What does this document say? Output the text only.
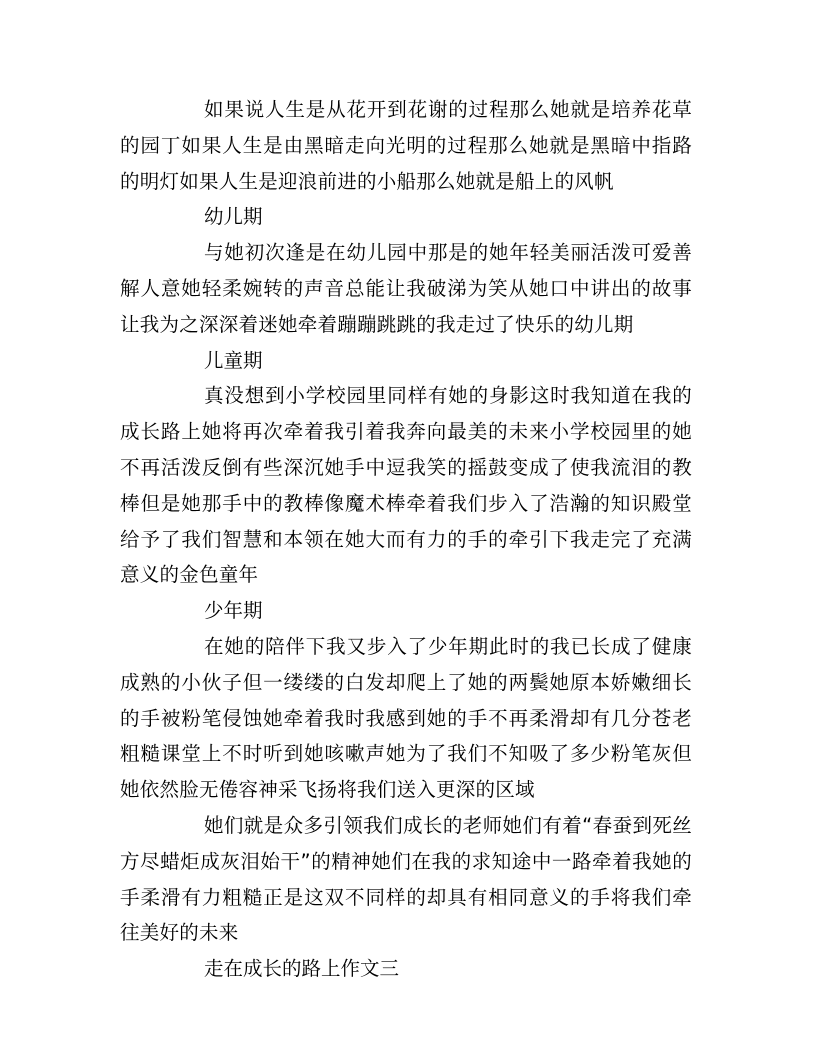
如果说人生是从花开到花谢的过程那么她就是培养花草的园丁如果人生是由黑暗走向光明的过程那么她就是黑暗中指路的明灯如果人生是迎浪前进的小船那么她就是船上的风帆

幼儿期

与她初次逢是在幼儿园中那是的她年轻美丽活泼可爱善解人意她轻柔婉转的声音总能让我破涕为笑从她口中讲出的故事让我为之深深着迷她牵着蹦蹦跳跳的我走过了快乐的幼儿期

儿童期

真没想到小学校园里同样有她的身影这时我知道在我的成长路上她将再次牵着我引着我奔向最美的未来小学校园里的她不再活泼反倒有些深沉她手中逗我笑的摇鼓变成了使我流泪的教棒但是她那手中的教棒像魔术棒牵着我们步入了浩瀚的知识殿堂给予了我们智慧和本领在她大而有力的手的牵引下我走完了充满意义的金色童年

少年期

在她的陪伴下我又步入了少年期此时的我已长成了健康成熟的小伙子但一缕缕的白发却爬上了她的两鬓她原本娇嫩细长的手被粉笔侵蚀她牵着我时我感到她的手不再柔滑却有几分苍老粗糙课堂上不时听到她咳嗽声她为了我们不知吸了多少粉笔灰但她依然脸无倦容神采飞扬将我们送入更深的区域

她们就是众多引领我们成长的老师她们有着“春蚕到死丝方尽蜡炬成灰泪始干”的精神她们在我的求知途中一路牵着我她的手柔滑有力粗糙正是这双不同样的却具有相同意义的手将我们牵往美好的未来

走在成长的路上作文三
